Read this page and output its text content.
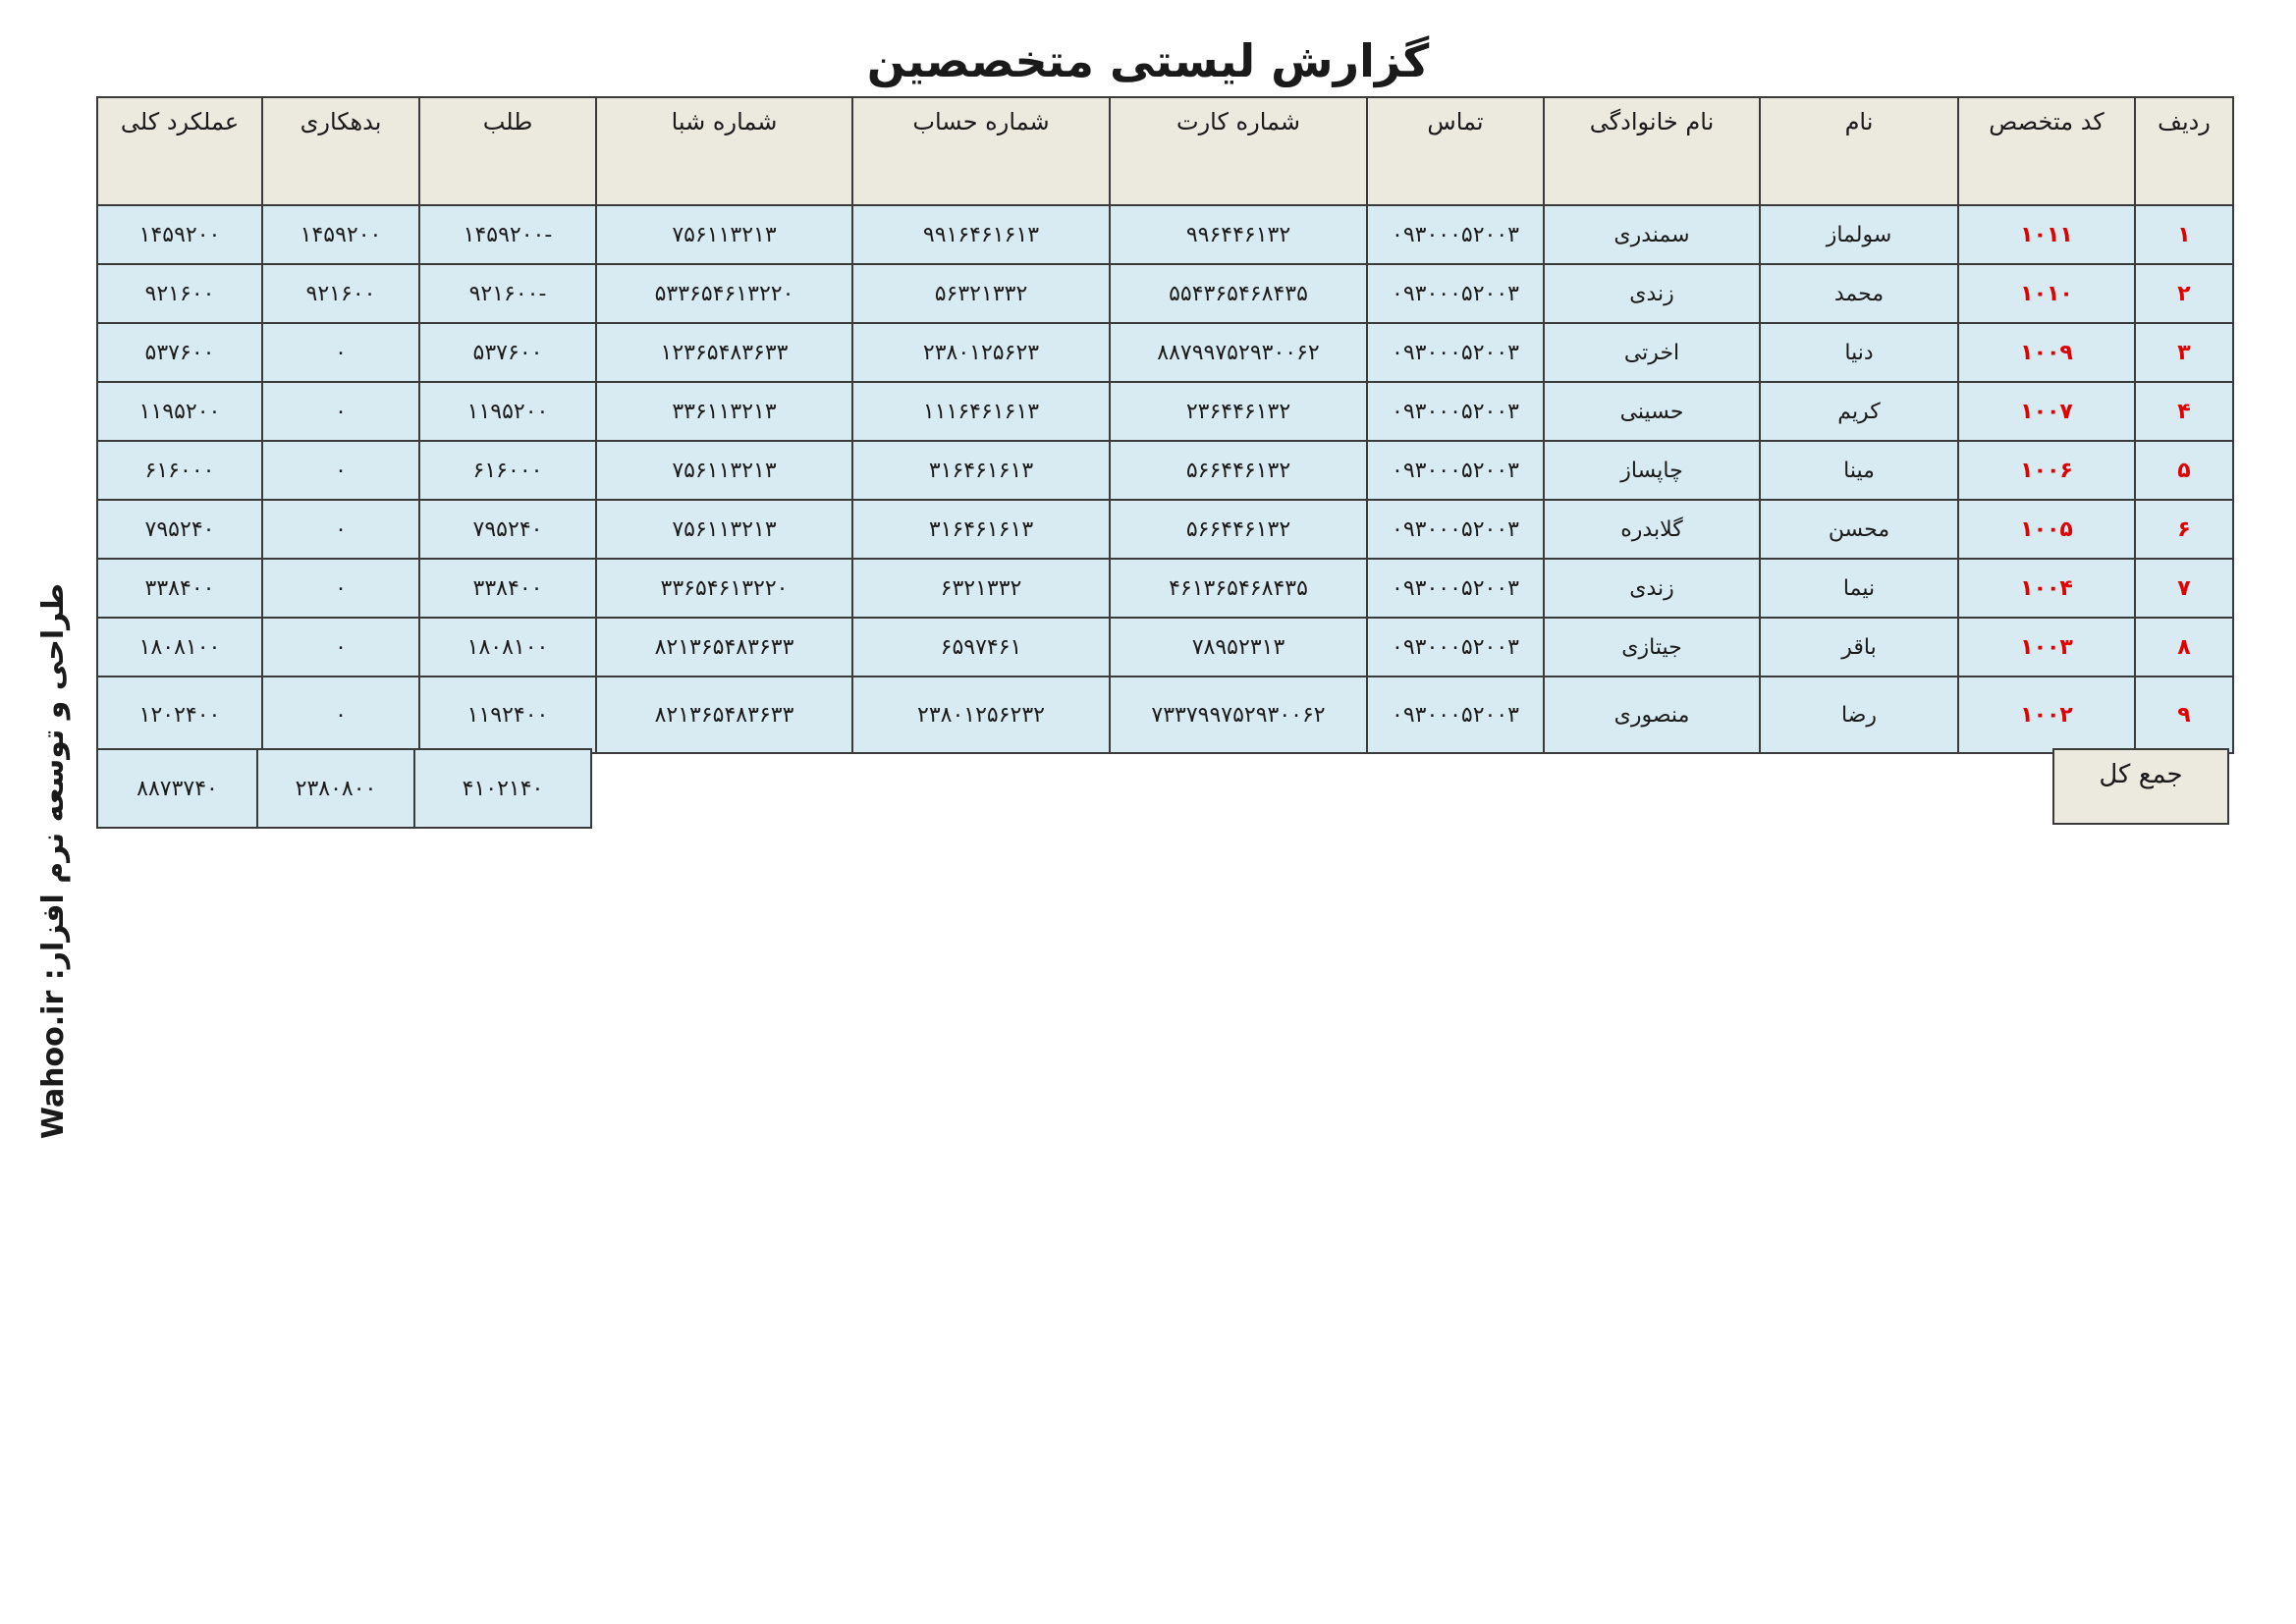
گزارش لیستی متخصصین
ردیف	کد متخصص	نام	نام خانوادگی	تماس	شماره کارت	شماره حساب	شماره شبا	طلب	بدهکاری	عملکرد کلی
۱	۱۰۱۱	سولماز	سمندری	۰۹۳۰۰۰۵۲۰۰۳	۹۹۶۴۴۶۱۳۲	۹۹۱۶۴۶۱۶۱۳	۷۵۶۱۱۳۲۱۳	-۱۴۵۹۲۰۰	۱۴۵۹۲۰۰	۱۴۵۹۲۰۰
۲	۱۰۱۰	محمد	زندی	۰۹۳۰۰۰۵۲۰۰۳	۵۵۴۳۶۵۴۶۸۴۳۵	۵۶۳۲۱۳۳۲	۵۳۳۶۵۴۶۱۳۲۲۰	-۹۲۱۶۰۰	۹۲۱۶۰۰	۹۲۱۶۰۰
۳	۱۰۰۹	دنیا	اخرتی	۰۹۳۰۰۰۵۲۰۰۳	۸۸۷۹۹۷۵۲۹۳۰۰۶۲	۲۳۸۰۱۲۵۶۲۳	۱۲۳۶۵۴۸۳۶۳۳	۵۳۷۶۰۰	۰	۵۳۷۶۰۰
۴	۱۰۰۷	کریم	حسینی	۰۹۳۰۰۰۵۲۰۰۳	۲۳۶۴۴۶۱۳۲	۱۱۱۶۴۶۱۶۱۳	۳۳۶۱۱۳۲۱۳	۱۱۹۵۲۰۰	۰	۱۱۹۵۲۰۰
۵	۱۰۰۶	مینا	چاپساز	۰۹۳۰۰۰۵۲۰۰۳	۵۶۶۴۴۶۱۳۲	۳۱۶۴۶۱۶۱۳	۷۵۶۱۱۳۲۱۳	۶۱۶۰۰۰	۰	۶۱۶۰۰۰
۶	۱۰۰۵	محسن	گلابدره	۰۹۳۰۰۰۵۲۰۰۳	۵۶۶۴۴۶۱۳۲	۳۱۶۴۶۱۶۱۳	۷۵۶۱۱۳۲۱۳	۷۹۵۲۴۰	۰	۷۹۵۲۴۰
۷	۱۰۰۴	نیما	زندی	۰۹۳۰۰۰۵۲۰۰۳	۴۶۱۳۶۵۴۶۸۴۳۵	۶۳۲۱۳۳۲	۳۳۶۵۴۶۱۳۲۲۰	۳۳۸۴۰۰	۰	۳۳۸۴۰۰
۸	۱۰۰۳	باقر	جیتازی	۰۹۳۰۰۰۵۲۰۰۳	۷۸۹۵۲۳۱۳	۶۵۹۷۴۶۱	۸۲۱۳۶۵۴۸۳۶۳۳	۱۸۰۸۱۰۰	۰	۱۸۰۸۱۰۰
۹	۱۰۰۲	رضا	منصوری	۰۹۳۰۰۰۵۲۰۰۳	۷۳۳۷۹۹۷۵۲۹۳۰۰۶۲	۲۳۸۰۱۲۵۶۲۳۲	۸۲۱۳۶۵۴۸۳۶۳۳	۱۱۹۲۴۰۰	۰	۱۲۰۲۴۰۰
جمع کل
۴۱۰۲۱۴۰	۲۳۸۰۸۰۰	۸۸۷۳۷۴۰
طراحی و توسعه نرم افزار: Wahoo.ir
